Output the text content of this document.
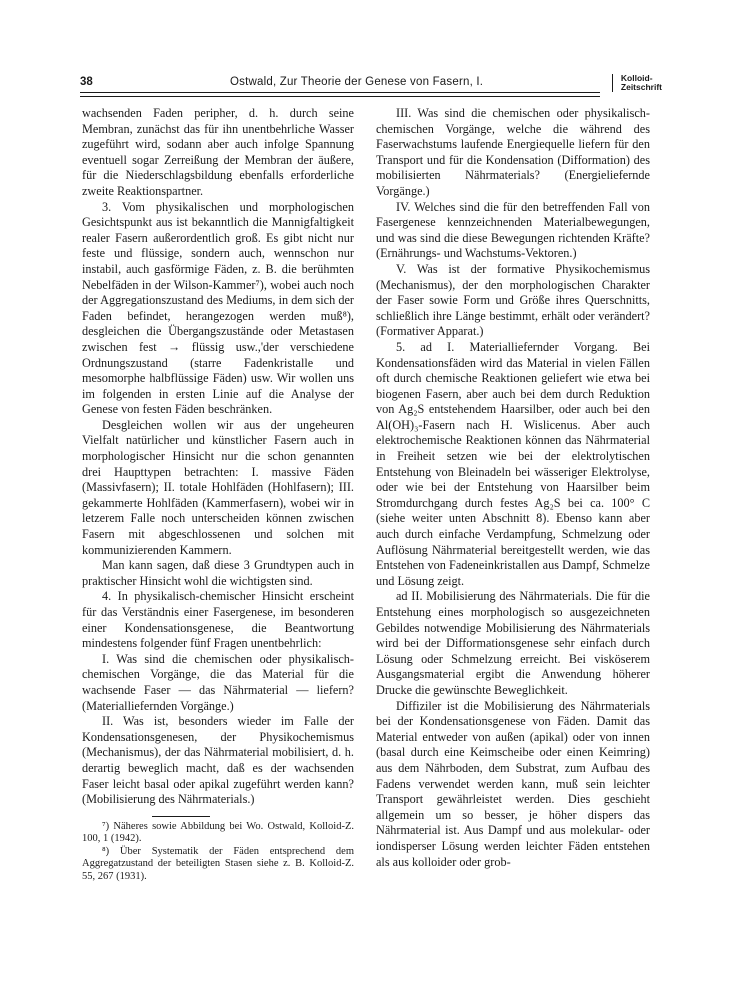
38	Ostwald, Zur Theorie der Genese von Fasern, I.	Kolloid-
Zeitschrift

wachsenden Faden peripher, d. h. durch seine Membran, zunächst das für ihn unentbehrliche Wasser zugeführt wird, sodann aber auch infolge Spannung eventuell sogar Zerreißung der Membran der äußere, für die Niederschlagsbildung ebenfalls erforderliche zweite Reaktionspartner.

3. Vom physikalischen und morphologischen Gesichtspunkt aus ist bekanntlich die Mannigfaltigkeit realer Fasern außerordentlich groß. Es gibt nicht nur feste und flüssige, sondern auch, wennschon nur instabil, auch gasförmige Fäden, z. B. die berühmten Nebelfäden in der Wilson-Kammer⁷), wobei auch noch der Aggregationszustand des Mediums, in dem sich der Faden befindet, herangezogen werden muß⁸), desgleichen die Übergangszustände oder Metastasen zwischen fest → flüssig usw.,'der verschiedene Ordnungszustand (starre Fadenkristalle und mesomorphe halbflüssige Fäden) usw. Wir wollen uns im folgenden in ersten Linie auf die Analyse der Genese von festen Fäden beschränken.

Desgleichen wollen wir aus der ungeheuren Vielfalt natürlicher und künstlicher Fasern auch in morphologischer Hinsicht nur die schon genannten drei Haupttypen betrachten: I. massive Fäden (Massivfasern); II. totale Hohlfäden (Hohlfasern); III. gekammerte Hohlfäden (Kammerfasern), wobei wir in letzerem Falle noch unterscheiden können zwischen Fasern mit abgeschlossenen und solchen mit kommunizierenden Kammern.

Man kann sagen, daß diese 3 Grundtypen auch in praktischer Hinsicht wohl die wichtigsten sind.

4. In physikalisch-chemischer Hinsicht erscheint für das Verständnis einer Fasergenese, im besonderen einer Kondensationsgenese, die Beantwortung mindestens folgender fünf Fragen unentbehrlich:

I. Was sind die chemischen oder physikalisch-chemischen Vorgänge, die das Material für die wachsende Faser — das Nährmaterial — liefern? (Materialliefernden Vorgänge.)

II. Was ist, besonders wieder im Falle der Kondensationsgenesen, der Physikochemismus (Mechanismus), der das Nährmaterial mobilisiert, d. h. derartig beweglich macht, daß es der wachsenden Faser leicht basal oder apikal zugeführt werden kann? (Mobilisierung des Nährmaterials.)

⁷) Näheres sowie Abbildung bei Wo. Ostwald, Kolloid-Z. 100, 1 (1942).

⁸) Über Systematik der Fäden entsprechend dem Aggregatzustand der beteiligten Stasen siehe z. B. Kolloid-Z. 55, 267 (1931).

III. Was sind die chemischen oder physikalisch-chemischen Vorgänge, welche die während des Faserwachstums laufende Energiequelle liefern für den Transport und für die Kondensation (Difformation) des mobilisierten Nährmaterials? (Energieliefernde Vorgänge.)

IV. Welches sind die für den betreffenden Fall von Fasergenese kennzeichnenden Materialbewegungen, und was sind die diese Bewegungen richtenden Kräfte? (Ernährungs- und Wachstums-Vektoren.)

V. Was ist der formative Physikochemismus (Mechanismus), der den morphologischen Charakter der Faser sowie Form und Größe ihres Querschnitts, schließlich ihre Länge bestimmt, erhält oder verändert? (Formativer Apparat.)

5. ad I. Materialliefernder Vorgang. Bei Kondensationsfäden wird das Material in vielen Fällen oft durch chemische Reaktionen geliefert wie etwa bei biogenen Fasern, aber auch bei dem durch Reduktion von Ag₂S entstehendem Haarsilber, oder auch bei den Al(OH)₃-Fasern nach H. Wislicenus. Aber auch elektrochemische Reaktionen können das Nährmaterial in Freiheit setzen wie bei der elektrolytischen Entstehung von Bleinadeln bei wässeriger Elektrolyse, oder wie bei der Entstehung von Haarsilber beim Stromdurchgang durch festes Ag₂S bei ca. 100° C (siehe weiter unten Abschnitt 8). Ebenso kann aber auch durch einfache Verdampfung, Schmelzung oder Auflösung Nährmaterial bereitgestellt werden, wie das Entstehen von Fadeneinkristallen aus Dampf, Schmelze und Lösung zeigt.

ad II. Mobilisierung des Nährmaterials. Die für die Entstehung eines morphologisch so ausgezeichneten Gebildes notwendige Mobilisierung des Nährmaterials wird bei der Difformationsgenese sehr einfach durch Lösung oder Schmelzung erreicht. Bei visköserem Ausgangsmaterial ergibt die Anwendung höherer Drucke die gewünschte Beweglichkeit.

Diffiziler ist die Mobilisierung des Nährmaterials bei der Kondensationsgenese von Fäden. Damit das Material entweder von außen (apikal) oder von innen (basal durch eine Keimscheibe oder einen Keimring) aus dem Nährboden, dem Substrat, zum Aufbau des Fadens verwendet werden kann, muß sein leichter Transport gewährleistet werden. Dies geschieht allgemein um so besser, je höher dispers das Nährmaterial ist. Aus Dampf und aus molekular- oder iondisperser Lösung werden leichter Fäden entstehen als aus kolloider oder grob-
